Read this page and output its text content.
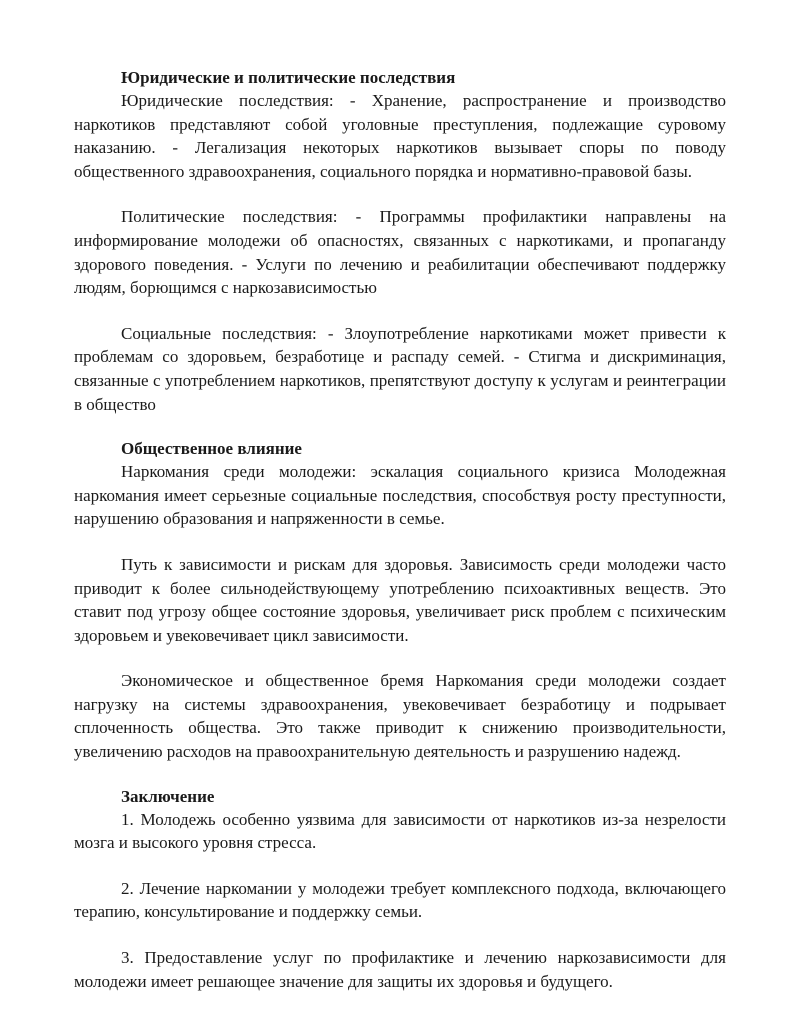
Юридические и политические последствия

Юридические последствия: - Хранение, распространение и производство наркотиков представляют собой уголовные преступления, подлежащие суровому наказанию. - Легализация некоторых наркотиков вызывает споры по поводу общественного здравоохранения, социального порядка и нормативно-правовой базы.

Политические последствия: - Программы профилактики направлены на информирование молодежи об опасностях, связанных с наркотиками, и пропаганду здорового поведения. - Услуги по лечению и реабилитации обеспечивают поддержку людям, борющимся с наркозависимостью

Социальные последствия: - Злоупотребление наркотиками может привести к проблемам со здоровьем, безработице и распаду семей. - Стигма и дискриминация, связанные с употреблением наркотиков, препятствуют доступу к услугам и реинтеграции в общество

Общественное влияние

Наркомания среди молодежи: эскалация социального кризиса Молодежная наркомания имеет серьезные социальные последствия, способствуя росту преступности, нарушению образования и напряженности в семье.

Путь к зависимости и рискам для здоровья. Зависимость среди молодежи часто приводит к более сильнодействующему употреблению психоактивных веществ. Это ставит под угрозу общее состояние здоровья, увеличивает риск проблем с психическим здоровьем и увековечивает цикл зависимости.

Экономическое и общественное бремя Наркомания среди молодежи создает нагрузку на системы здравоохранения, увековечивает безработицу и подрывает сплоченность общества. Это также приводит к снижению производительности, увеличению расходов на правоохранительную деятельность и разрушению надежд.

Заключение

1. Молодежь особенно уязвима для зависимости от наркотиков из-за незрелости мозга и высокого уровня стресса.

2. Лечение наркомании у молодежи требует комплексного подхода, включающего терапию, консультирование и поддержку семьи.

3. Предоставление услуг по профилактике и лечению наркозависимости для молодежи имеет решающее значение для защиты их здоровья и будущего.
